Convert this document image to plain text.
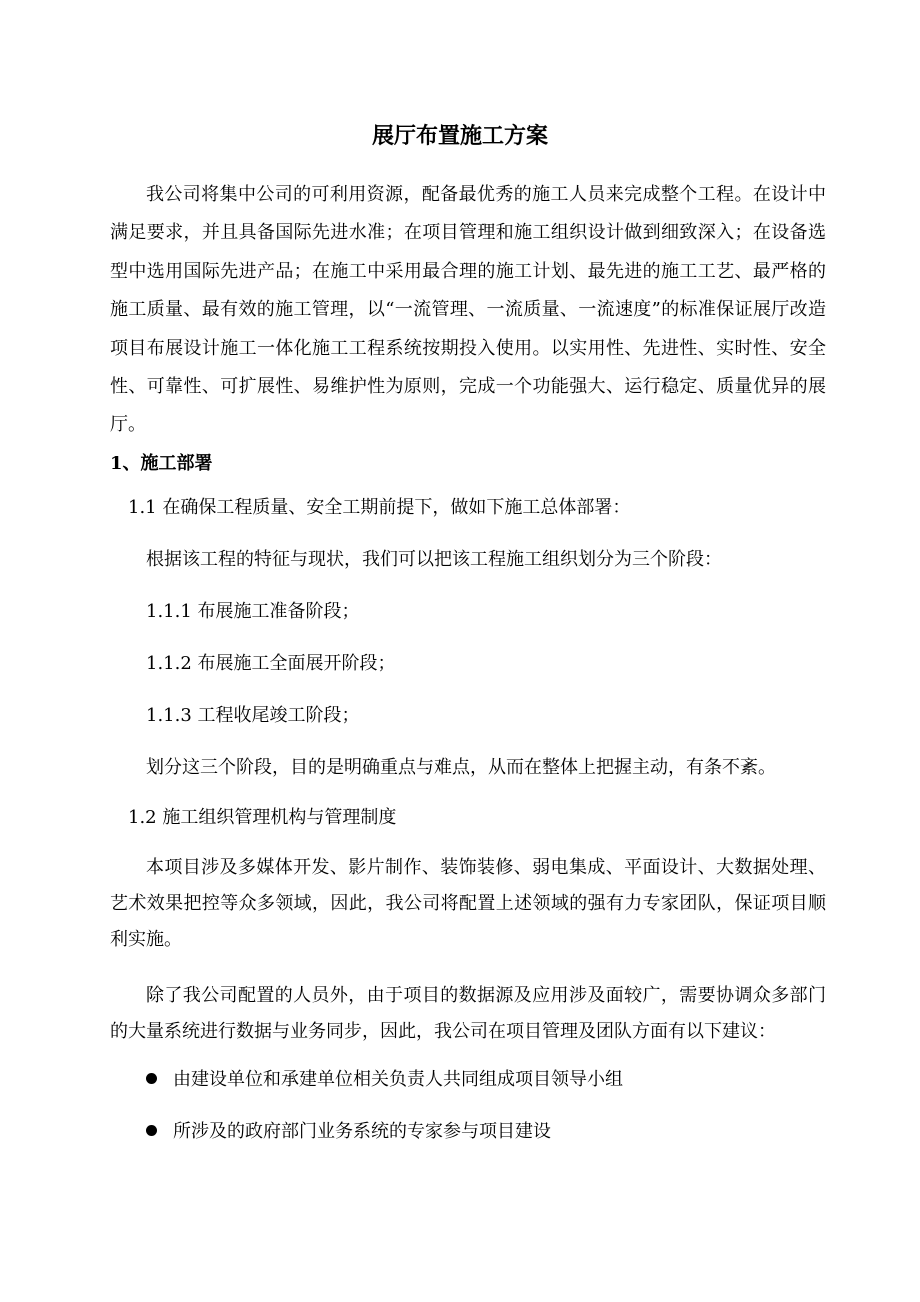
展厅布置施工方案

我公司将集中公司的可利用资源，配备最优秀的施工人员来完成整个工程。在设计中满足要求，并且具备国际先进水准；在项目管理和施工组织设计做到细致深入；在设备选型中选用国际先进产品；在施工中采用最合理的施工计划、最先进的施工工艺、最严格的施工质量、最有效的施工管理，以“一流管理、一流质量、一流速度”的标准保证展厅改造项目布展设计施工一体化施工工程系统按期投入使用。以实用性、先进性、实时性、安全性、可靠性、可扩展性、易维护性为原则，完成一个功能强大、运行稳定、质量优异的展厅。

1、施工部署

1.1 在确保工程质量、安全工期前提下，做如下施工总体部署：

根据该工程的特征与现状，我们可以把该工程施工组织划分为三个阶段：

1.1.1 布展施工准备阶段；

1.1.2 布展施工全面展开阶段；

1.1.3 工程收尾竣工阶段；

划分这三个阶段，目的是明确重点与难点，从而在整体上把握主动，有条不紊。

1.2 施工组织管理机构与管理制度

本项目涉及多媒体开发、影片制作、装饰装修、弱电集成、平面设计、大数据处理、艺术效果把控等众多领域，因此，我公司将配置上述领域的强有力专家团队，保证项目顺利实施。

除了我公司配置的人员外，由于项目的数据源及应用涉及面较广，需要协调众多部门的大量系统进行数据与业务同步，因此，我公司在项目管理及团队方面有以下建议：

由建设单位和承建单位相关负责人共同组成项目领导小组

所涉及的政府部门业务系统的专家参与项目建设
